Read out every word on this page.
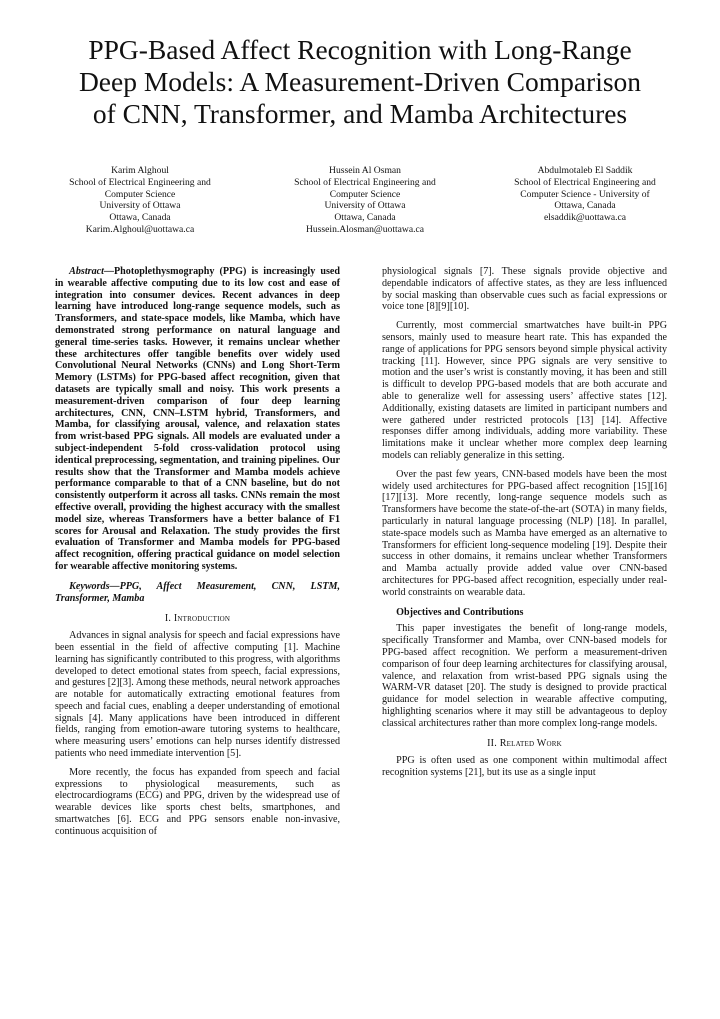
PPG-Based Affect Recognition with Long-Range
Deep Models: A Measurement-Driven Comparison
of CNN, Transformer, and Mamba Architectures
Karim Alghoul
School of Electrical Engineering and
Computer Science
University of Ottawa
Ottawa, Canada
Karim.Alghoul@uottawa.ca
Hussein Al Osman
School of Electrical Engineering and
Computer Science
University of Ottawa
Ottawa, Canada
Hussein.Alosman@uottawa.ca
Abdulmotaleb El Saddik
School of Electrical Engineering and
Computer Science - University of
Ottawa, Canada
elsaddik@uottawa.ca

Abstract—Photoplethysmography (PPG) is increasingly used in wearable affective computing due to its low cost and ease of integration into consumer devices. Recent advances in deep learning have introduced long-range sequence models, such as Transformers, and state-space models, like Mamba, which have demonstrated strong performance on natural language and general time-series tasks. However, it remains unclear whether these architectures offer tangible benefits over widely used Convolutional Neural Networks (CNNs) and Long Short-Term Memory (LSTMs) for PPG-based affect recognition, given that datasets are typically small and noisy. This work presents a measurement-driven comparison of four deep learning architectures, CNN, CNN–LSTM hybrid, Transformers, and Mamba, for classifying arousal, valence, and relaxation states from wrist-based PPG signals. All models are evaluated under a subject-independent 5-fold cross-validation protocol using identical preprocessing, segmentation, and training pipelines. Our results show that the Transformer and Mamba models achieve performance comparable to that of a CNN baseline, but do not consistently outperform it across all tasks. CNNs remain the most effective overall, providing the highest accuracy with the smallest model size, whereas Transformers have a better balance of F1 scores for Arousal and Relaxation. The study provides the first evaluation of Transformer and Mamba models for PPG-based affect recognition, offering practical guidance on model selection for wearable affective monitoring systems.

Keywords—PPG, Affect Measurement, CNN, LSTM, Transformer, Mamba

I. Introduction

Advances in signal analysis for speech and facial expressions have been essential in the field of affective computing [1]. Machine learning has significantly contributed to this progress, with algorithms developed to detect emotional states from speech, facial expressions, and gestures [2][3]. Among these methods, neural network approaches are notable for automatically extracting emotional features from speech and facial cues, enabling a deeper understanding of emotional signals [4]. Many applications have been introduced in different fields, ranging from emotion-aware tutoring systems to healthcare, where measuring users’ emotions can help nurses identify distressed patients who need immediate intervention [5].

More recently, the focus has expanded from speech and facial expressions to physiological measurements, such as electrocardiograms (ECG) and PPG, driven by the widespread use of wearable devices like sports chest belts, smartphones, and smartwatches [6]. ECG and PPG sensors enable non-invasive, continuous acquisition of

physiological signals [7]. These signals provide objective and dependable indicators of affective states, as they are less influenced by social masking than observable cues such as facial expressions or voice tone [8][9][10].

Currently, most commercial smartwatches have built-in PPG sensors, mainly used to measure heart rate. This has expanded the range of applications for PPG sensors beyond simple physical activity tracking [11]. However, since PPG signals are very sensitive to motion and the user’s wrist is constantly moving, it has been and still is difficult to develop PPG-based models that are both accurate and able to generalize well for assessing users’ affective states [12]. Additionally, existing datasets are limited in participant numbers and were gathered under restricted protocols [13] [14]. Affective responses differ among individuals, adding more variability. These limitations make it unclear whether more complex deep learning models can reliably generalize in this setting.

Over the past few years, CNN-based models have been the most widely used architectures for PPG-based affect recognition [15][16][17][13]. More recently, long-range sequence models such as Transformers have become the state-of-the-art (SOTA) in many fields, particularly in natural language processing (NLP) [18]. In parallel, state-space models such as Mamba have emerged as an alternative to Transformers for efficient long-sequence modeling [19]. Despite their success in other domains, it remains unclear whether Transformers and Mamba actually provide added value over CNN-based architectures for PPG-based affect recognition, especially under real-world constraints on wearable data.

Objectives and Contributions

This paper investigates the benefit of long-range models, specifically Transformer and Mamba, over CNN-based models for PPG-based affect recognition. We perform a measurement-driven comparison of four deep learning architectures for classifying arousal, valence, and relaxation from wrist-based PPG signals using the WARM-VR dataset [20]. The study is designed to provide practical guidance for model selection in wearable affective computing, highlighting scenarios where it may still be advantageous to deploy classical architectures rather than more complex long-range models.

II. Related Work

PPG is often used as one component within multimodal affect recognition systems [21], but its use as a single input
